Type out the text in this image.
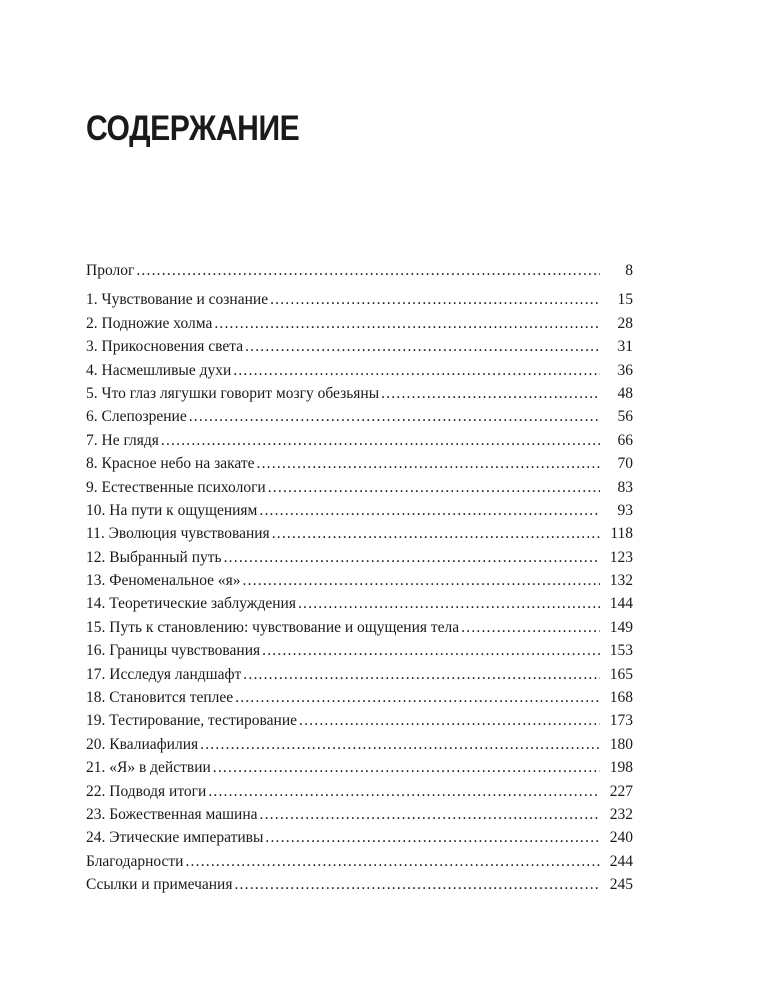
СОДЕРЖАНИЕ
Пролог .....	8
1. Чувствование и сознание .....	15
2. Подножие холма .....	28
3. Прикосновения света .....	31
4. Насмешливые духи .....	36
5. Что глаз лягушки говорит мозгу обезьяны .....	48
6. Слепозрение .....	56
7. Не глядя .....	66
8. Красное небо на закате .....	70
9. Естественные психологи .....	83
10. На пути к ощущениям .....	93
11. Эволюция чувствования .....	118
12. Выбранный путь .....	123
13. Феноменальное «я» .....	132
14. Теоретические заблуждения .....	144
15. Путь к становлению: чувствование и ощущения тела .....	149
16. Границы чувствования .....	153
17. Исследуя ландшафт .....	165
18. Становится теплее .....	168
19. Тестирование, тестирование .....	173
20. Квалиафилия .....	180
21. «Я» в действии .....	198
22. Подводя итоги .....	227
23. Божественная машина .....	232
24. Этические императивы .....	240
Благодарности .....	244
Ссылки и примечания .....	245
